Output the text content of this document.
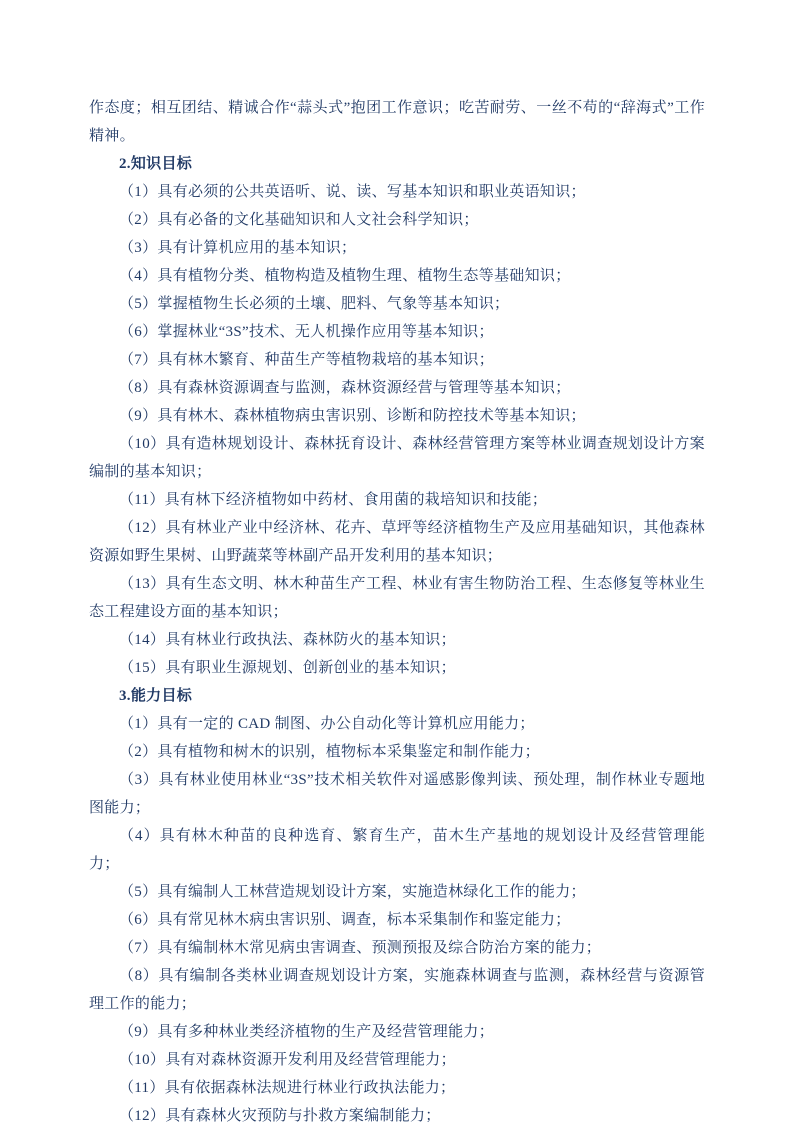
作态度；相互团结、精诚合作“蒜头式”抱团工作意识；吃苦耐劳、一丝不苟的“辞海式”工作精神。

2.知识目标

（1）具有必须的公共英语听、说、读、写基本知识和职业英语知识；

（2）具有必备的文化基础知识和人文社会科学知识；

（3）具有计算机应用的基本知识；

（4）具有植物分类、植物构造及植物生理、植物生态等基础知识；

（5）掌握植物生长必须的土壤、肥料、气象等基本知识；

（6）掌握林业“3S”技术、无人机操作应用等基本知识；

（7）具有林木繁育、种苗生产等植物栽培的基本知识；

（8）具有森林资源调查与监测，森林资源经营与管理等基本知识；

（9）具有林木、森林植物病虫害识别、诊断和防控技术等基本知识；

（10）具有造林规划设计、森林抚育设计、森林经营管理方案等林业调查规划设计方案编制的基本知识；

（11）具有林下经济植物如中药材、食用菌的栽培知识和技能；

（12）具有林业产业中经济林、花卉、草坪等经济植物生产及应用基础知识，其他森林资源如野生果树、山野蔬菜等林副产品开发利用的基本知识；

（13）具有生态文明、林木种苗生产工程、林业有害生物防治工程、生态修复等林业生态工程建设方面的基本知识；

（14）具有林业行政执法、森林防火的基本知识；

（15）具有职业生源规划、创新创业的基本知识；

3.能力目标

（1）具有一定的 CAD 制图、办公自动化等计算机应用能力；

（2）具有植物和树木的识别，植物标本采集鉴定和制作能力；

（3）具有林业使用林业“3S”技术相关软件对遥感影像判读、预处理，制作林业专题地图能力；

（4）具有林木种苗的良种选育、繁育生产，苗木生产基地的规划设计及经营管理能力；

（5）具有编制人工林营造规划设计方案，实施造林绿化工作的能力；

（6）具有常见林木病虫害识别、调查，标本采集制作和鉴定能力；

（7）具有编制林木常见病虫害调查、预测预报及综合防治方案的能力；

（8）具有编制各类林业调查规划设计方案，实施森林调查与监测，森林经营与资源管理工作的能力；

（9）具有多种林业类经济植物的生产及经营管理能力；

（10）具有对森林资源开发利用及经营管理能力；

（11）具有依据森林法规进行林业行政执法能力；

（12）具有森林火灾预防与扑救方案编制能力；
